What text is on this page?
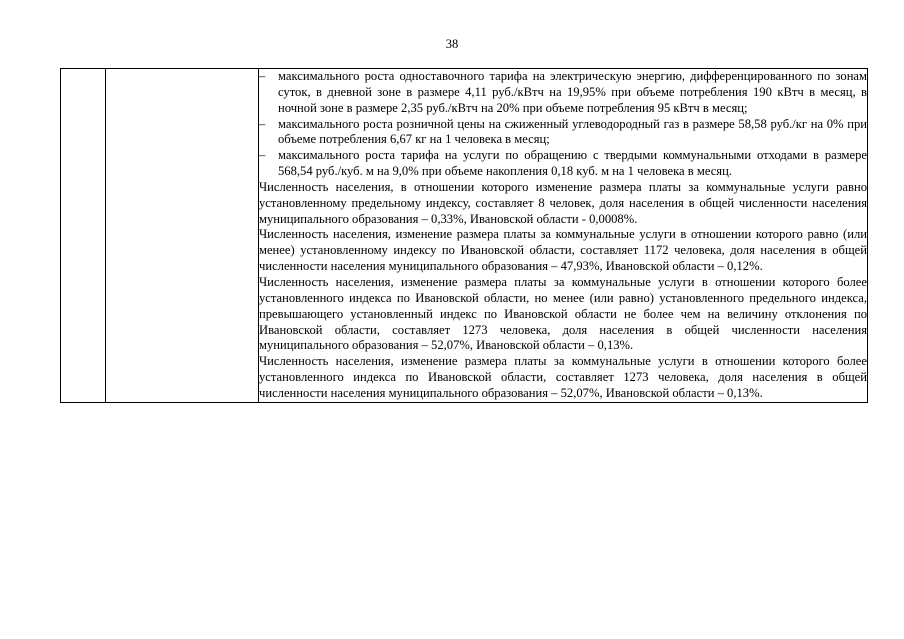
38

– максимального роста одноставочного тарифа на электрическую энергию, дифференцированного по зонам суток, в дневной зоне в размере 4,11 руб./кВтч на 19,95% при объеме потребления 190 кВтч в месяц, в ночной зоне в размере 2,35 руб./кВтч на 20% при объеме потребления 95 кВтч в месяц;
– максимального роста розничной цены на сжиженный углеводородный газ в размере 58,58 руб./кг на 0% при объеме потребления 6,67 кг на 1 человека в месяц;
– максимального роста тарифа на услуги по обращению с твердыми коммунальными отходами в размере 568,54 руб./куб. м на 9,0% при объеме накопления 0,18 куб. м на 1 человека в месяц.

Численность населения, в отношении которого изменение размера платы за коммунальные услуги равно установленному предельному индексу, составляет 8 человек, доля населения в общей численности населения муниципального образования – 0,33%, Ивановской области - 0,0008%.

Численность населения, изменение размера платы за коммунальные услуги в отношении которого равно (или менее) установленному индексу по Ивановской области, составляет 1172 человека, доля населения в общей численности населения муниципального образования – 47,93%, Ивановской области – 0,12%.

Численность населения, изменение размера платы за коммунальные услуги в отношении которого более установленного индекса по Ивановской области, но менее (или равно) установленного предельного индекса, превышающего установленный индекс по Ивановской области не более чем на величину отклонения по Ивановской области, составляет 1273 человека, доля населения в общей численности населения муниципального образования – 52,07%, Ивановской области – 0,13%.

Численность населения, изменение размера платы за коммунальные услуги в отношении которого более установленного индекса по Ивановской области, составляет 1273 человека, доля населения в общей численности населения муниципального образования – 52,07%, Ивановской области – 0,13%.
